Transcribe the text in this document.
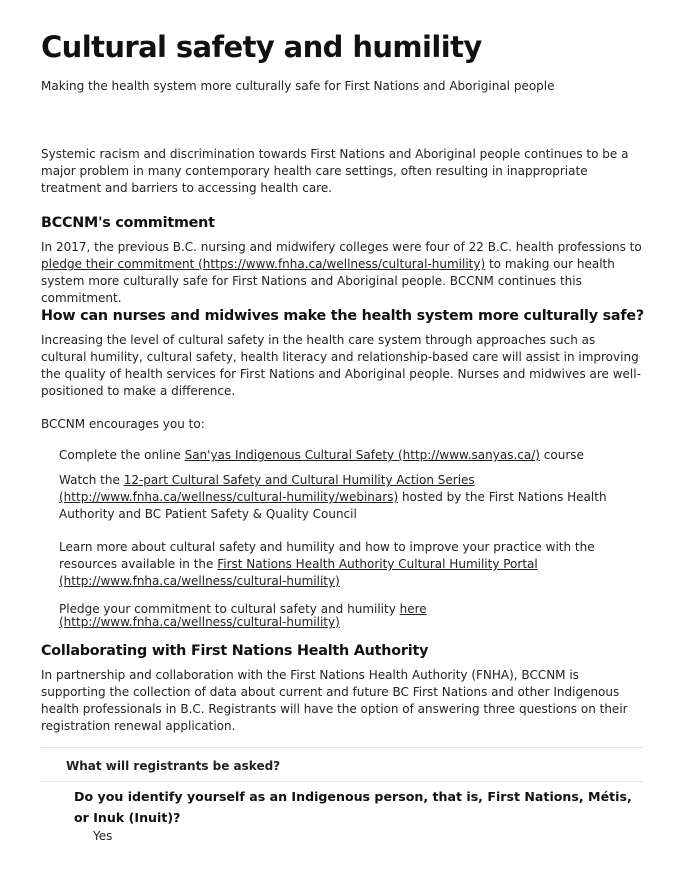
Cultural safety and humility
Making the health system more culturally safe for First Nations and Aboriginal people

Systemic racism and discrimination towards First Nations and Aboriginal people continues to be a major problem in many contemporary health care settings, often resulting in inappropriate treatment and barriers to accessing health care.

BCCNM's commitment

In 2017, the previous B.C. nursing and midwifery colleges were four of 22 B.C. health professions to pledge their commitment (https://www.fnha.ca/wellness/cultural-humility) to making our health system more culturally safe for First Nations and Aboriginal people. BCCNM continues this commitment.

How can nurses and midwives make the health system more culturally safe?

Increasing the level of cultural safety in the health care system through approaches such as cultural humility, cultural safety, health literacy and relationship-based care will assist in improving the quality of health services for First Nations and Aboriginal people. Nurses and midwives are well-positioned to make a difference.

BCCNM encourages you to:

Complete the online San'yas Indigenous Cultural Safety (http://www.sanyas.ca/) course
Watch the 12-part Cultural Safety and Cultural Humility Action Series (http://www.fnha.ca/wellness/cultural-humility/webinars) hosted by the First Nations Health Authority and BC Patient Safety & Quality Council
Learn more about cultural safety and humility and how to improve your practice with the resources available in the First Nations Health Authority Cultural Humility Portal (http://www.fnha.ca/wellness/cultural-humility)
Pledge your commitment to cultural safety and humility here (http://www.fnha.ca/wellness/cultural-humility)
Collaborating with First Nations Health Authority

In partnership and collaboration with the First Nations Health Authority (FNHA), BCCNM is supporting the collection of data about current and future BC First Nations and other Indigenous health professionals in B.C. Registrants will have the option of answering three questions on their registration renewal application.

What will registrants be asked?
Do you identify yourself as an Indigenous person, that is, First Nations, Métis, or Inuk (Inuit)?
Yes
